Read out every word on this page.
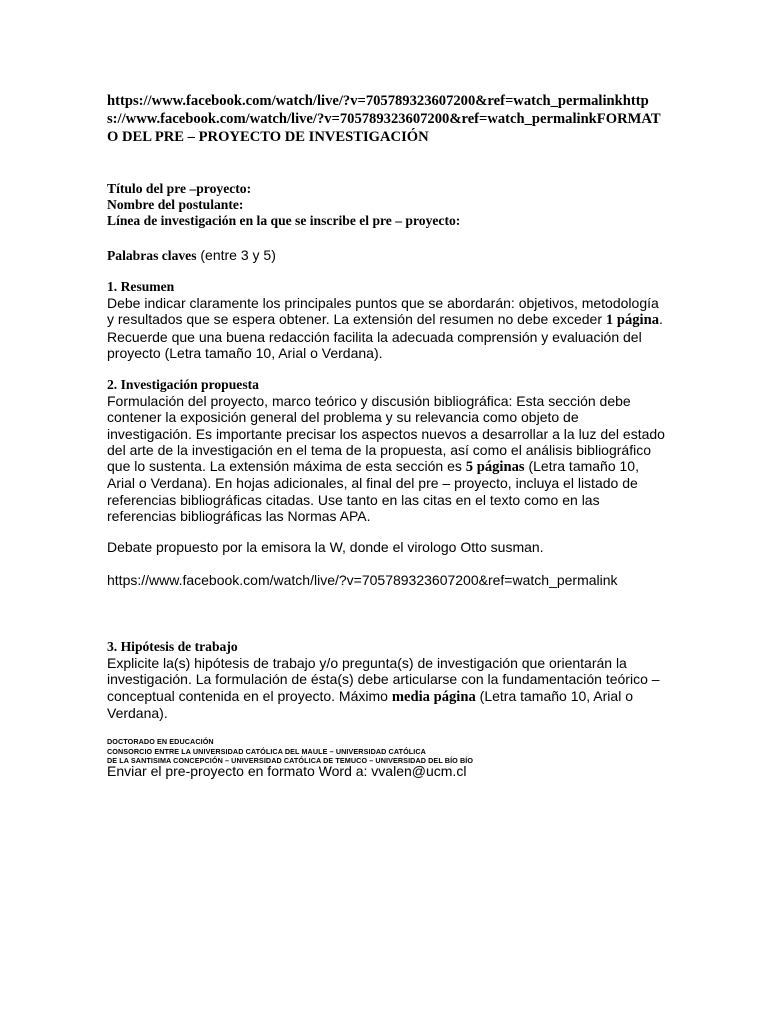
https://www.facebook.com/watch/live/?v=705789323607200&ref=watch_permalinkhttps://www.facebook.com/watch/live/?v=705789323607200&ref=watch_permalinkFORMATO DEL PRE – PROYECTO DE INVESTIGACIÓN
Título del pre –proyecto:
Nombre del postulante:
Línea de investigación en la que se inscribe el pre – proyecto:
Palabras claves (entre 3 y 5)
1. Resumen
Debe indicar claramente los principales puntos que se abordarán: objetivos, metodología y resultados que se espera obtener. La extensión del resumen no debe exceder 1 página. Recuerde que una buena redacción facilita la adecuada comprensión y evaluación del proyecto (Letra tamaño 10, Arial o Verdana).
2. Investigación propuesta
Formulación del proyecto, marco teórico y discusión bibliográfica: Esta sección debe contener la exposición general del problema y su relevancia como objeto de investigación. Es importante precisar los aspectos nuevos a desarrollar a la luz del estado del arte de la investigación en el tema de la propuesta, así como el análisis bibliográfico que lo sustenta. La extensión máxima de esta sección es 5 páginas (Letra tamaño 10, Arial o Verdana). En hojas adicionales, al final del pre – proyecto, incluya el listado de referencias bibliográficas citadas. Use tanto en las citas en el texto como en las referencias bibliográficas las Normas APA.
Debate propuesto por la emisora la W, donde el virologo Otto susman.
https://www.facebook.com/watch/live/?v=705789323607200&ref=watch_permalink
3. Hipótesis de trabajo
Explicite la(s) hipótesis de trabajo y/o pregunta(s) de investigación que orientarán la investigación. La formulación de ésta(s) debe articularse con la fundamentación teórico – conceptual contenida en el proyecto. Máximo media página (Letra tamaño 10, Arial o Verdana).
DOCTORADO EN EDUCACIÓN
CONSORCIO ENTRE LA UNIVERSIDAD CATÓLICA DEL MAULE – UNIVERSIDAD CATÓLICA
DE LA SANTISIMA CONCEPCIÓN – UNIVERSIDAD CATÓLICA DE TEMUCO – UNIVERSIDAD DEL BÍO BÍO
Enviar el pre-proyecto en formato Word a: vvalen@ucm.cl
